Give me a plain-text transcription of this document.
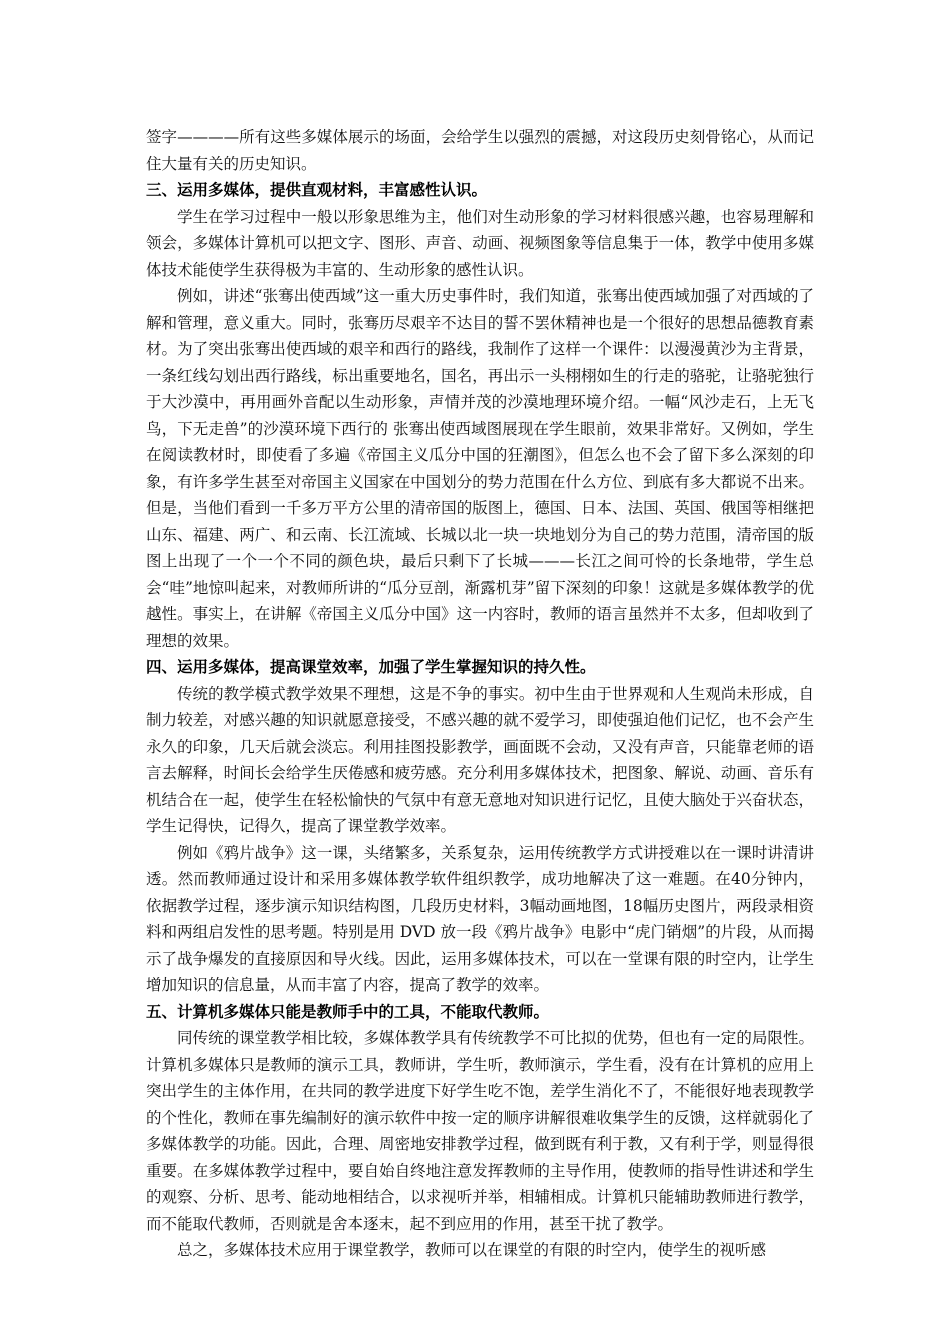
签字————所有这些多媒体展示的场面，会给学生以强烈的震撼，对这段历史刻骨铭心，从而记住大量有关的历史知识。

三、运用多媒体，提供直观材料，丰富感性认识。

学生在学习过程中一般以形象思维为主，他们对生动形象的学习材料很感兴趣，也容易理解和领会，多媒体计算机可以把文字、图形、声音、动画、视频图象等信息集于一体，教学中使用多媒体技术能使学生获得极为丰富的、生动形象的感性认识。

例如，讲述“张骞出使西域”这一重大历史事件时，我们知道，张骞出使西域加强了对西域的了解和管理，意义重大。同时，张骞历尽艰辛不达目的誓不罢休精神也是一个很好的思想品德教育素材。为了突出张骞出使西域的艰辛和西行的路线，我制作了这样一个课件：以漫漫黄沙为主背景，一条红线勾划出西行路线，标出重要地名，国名，再出示一头栩栩如生的行走的骆驼，让骆驼独行于大沙漠中，再用画外音配以生动形象，声情并茂的沙漠地理环境介绍。一幅“风沙走石，上无飞鸟，下无走兽”的沙漠环境下西行的 张骞出使西域图展现在学生眼前，效果非常好。又例如，学生在阅读教材时，即使看了多遍《帝国主义瓜分中国的狂潮图》，但怎么也不会了留下多么深刻的印象，有许多学生甚至对帝国主义国家在中国划分的势力范围在什么方位、到底有多大都说不出来。但是，当他们看到一千多万平方公里的清帝国的版图上，德国、日本、法国、英国、俄国等相继把山东、福建、两广、和云南、长江流域、长城以北一块一块地划分为自己的势力范围，清帝国的版图上出现了一个一个不同的颜色块，最后只剩下了长城———长江之间可怜的长条地带，学生总会“哇”地惊叫起来，对教师所讲的“瓜分豆剖，渐露机芽”留下深刻的印象！这就是多媒体教学的优越性。事实上，在讲解《帝国主义瓜分中国》这一内容时，教师的语言虽然并不太多，但却收到了理想的效果。

四、运用多媒体，提高课堂效率，加强了学生掌握知识的持久性。

传统的教学模式教学效果不理想，这是不争的事实。初中生由于世界观和人生观尚未形成，自制力较差，对感兴趣的知识就愿意接受，不感兴趣的就不爱学习，即使强迫他们记忆，也不会产生永久的印象，几天后就会淡忘。利用挂图投影教学，画面既不会动，又没有声音，只能靠老师的语言去解释，时间长会给学生厌倦感和疲劳感。充分利用多媒体技术，把图象、解说、动画、音乐有机结合在一起，使学生在轻松愉快的气氛中有意无意地对知识进行记忆，且使大脑处于兴奋状态，学生记得快，记得久，提高了课堂教学效率。

例如《鸦片战争》这一课，头绪繁多，关系复杂，运用传统教学方式讲授难以在一课时讲清讲透。然而教师通过设计和采用多媒体教学软件组织教学，成功地解决了这一难题。在40分钟内，依据教学过程，逐步演示知识结构图，几段历史材料，3幅动画地图，18幅历史图片，两段录相资料和两组启发性的思考题。特别是用 DVD 放一段《鸦片战争》电影中“虎门销烟”的片段，从而揭示了战争爆发的直接原因和导火线。因此，运用多媒体技术，可以在一堂课有限的时空内，让学生增加知识的信息量，从而丰富了内容，提高了教学的效率。

五、计算机多媒体只能是教师手中的工具，不能取代教师。

同传统的课堂教学相比较，多媒体教学具有传统教学不可比拟的优势，但也有一定的局限性。计算机多媒体只是教师的演示工具，教师讲，学生听，教师演示，学生看，没有在计算机的应用上突出学生的主体作用，在共同的教学进度下好学生吃不饱，差学生消化不了，不能很好地表现教学的个性化，教师在事先编制好的演示软件中按一定的顺序讲解很难收集学生的反馈，这样就弱化了多媒体教学的功能。因此，合理、周密地安排教学过程，做到既有利于教，又有利于学，则显得很重要。在多媒体教学过程中，要自始自终地注意发挥教师的主导作用，使教师的指导性讲述和学生的观察、分析、思考、能动地相结合，以求视听并举，相辅相成。计算机只能辅助教师进行教学，而不能取代教师，否则就是舍本逐末，起不到应用的作用，甚至干扰了教学。

总之，多媒体技术应用于课堂教学，教师可以在课堂的有限的时空内，使学生的视听感
